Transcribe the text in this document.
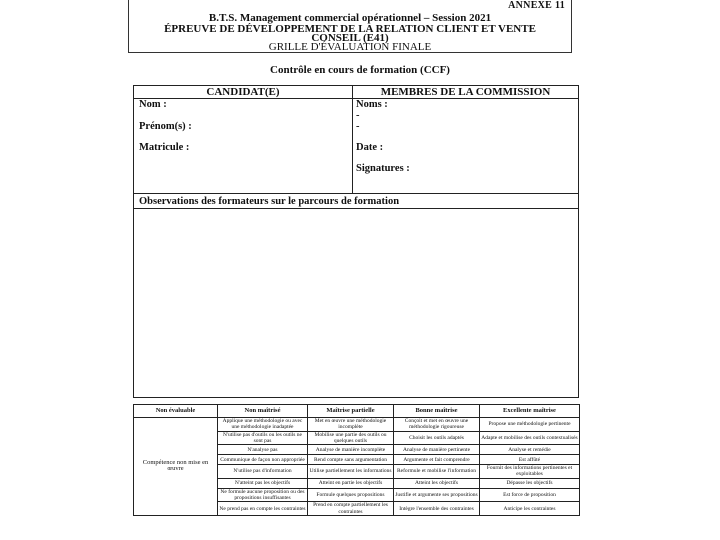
ANNEXE 11
B.T.S. Management commercial opérationnel – Session 2021
ÉPREUVE DE DÉVELOPPEMENT DE LA RELATION CLIENT ET VENTE
CONSEIL (E41)
GRILLE D'ÉVALUATION FINALE
Contrôle en cours de formation (CCF)
CANDIDAT(E)	MEMBRES DE LA COMMISSION
Nom :
Prénom(s) :
Matricule :
Noms :
-
-
Date :
Signatures :
Observations des formateurs sur le parcours de formation
Non évaluable	Non maîtrisé	Maîtrise partielle	Bonne maîtrise	Excellente maîtrise
Compétence non mise en œuvre	Applique une méthodologie ou avec une méthodologie inadaptée	Met en œuvre une méthodologie incomplète	Conçoit et met en œuvre une méthodologie rigoureuse	Propose une méthodologie pertinente
	N'utilise pas d'outils ou les outils ne sont pas	Mobilise une partie des outils ou quelques outils	Choisit les outils adaptés	Adapte et mobilise des outils contextualisés
	N'analyse pas	Analyse de manière incomplète	Analyse de manière pertinente	Analyse et remédie
	Communique de façon non appropriée	Rend compte sans argumentation	Argumente et fait comprendre	Est affûté
	N'utilise pas d'information	Utilise partiellement les informations	Reformule et mobilise l'information	Fournit des informations pertinentes et exploitables
	N'atteint pas les objectifs	Atteint en partie les objectifs	Atteint les objectifs	Dépasse les objectifs
	Ne formule aucune proposition ou des propositions insuffisantes	Formule quelques propositions	Justifie et argumente ses propositions	Est force de proposition
	Ne prend pas en compte les contraintes	Prend en compte partiellement les contraintes	Intègre l'ensemble des contraintes	Anticipe les contraintes
